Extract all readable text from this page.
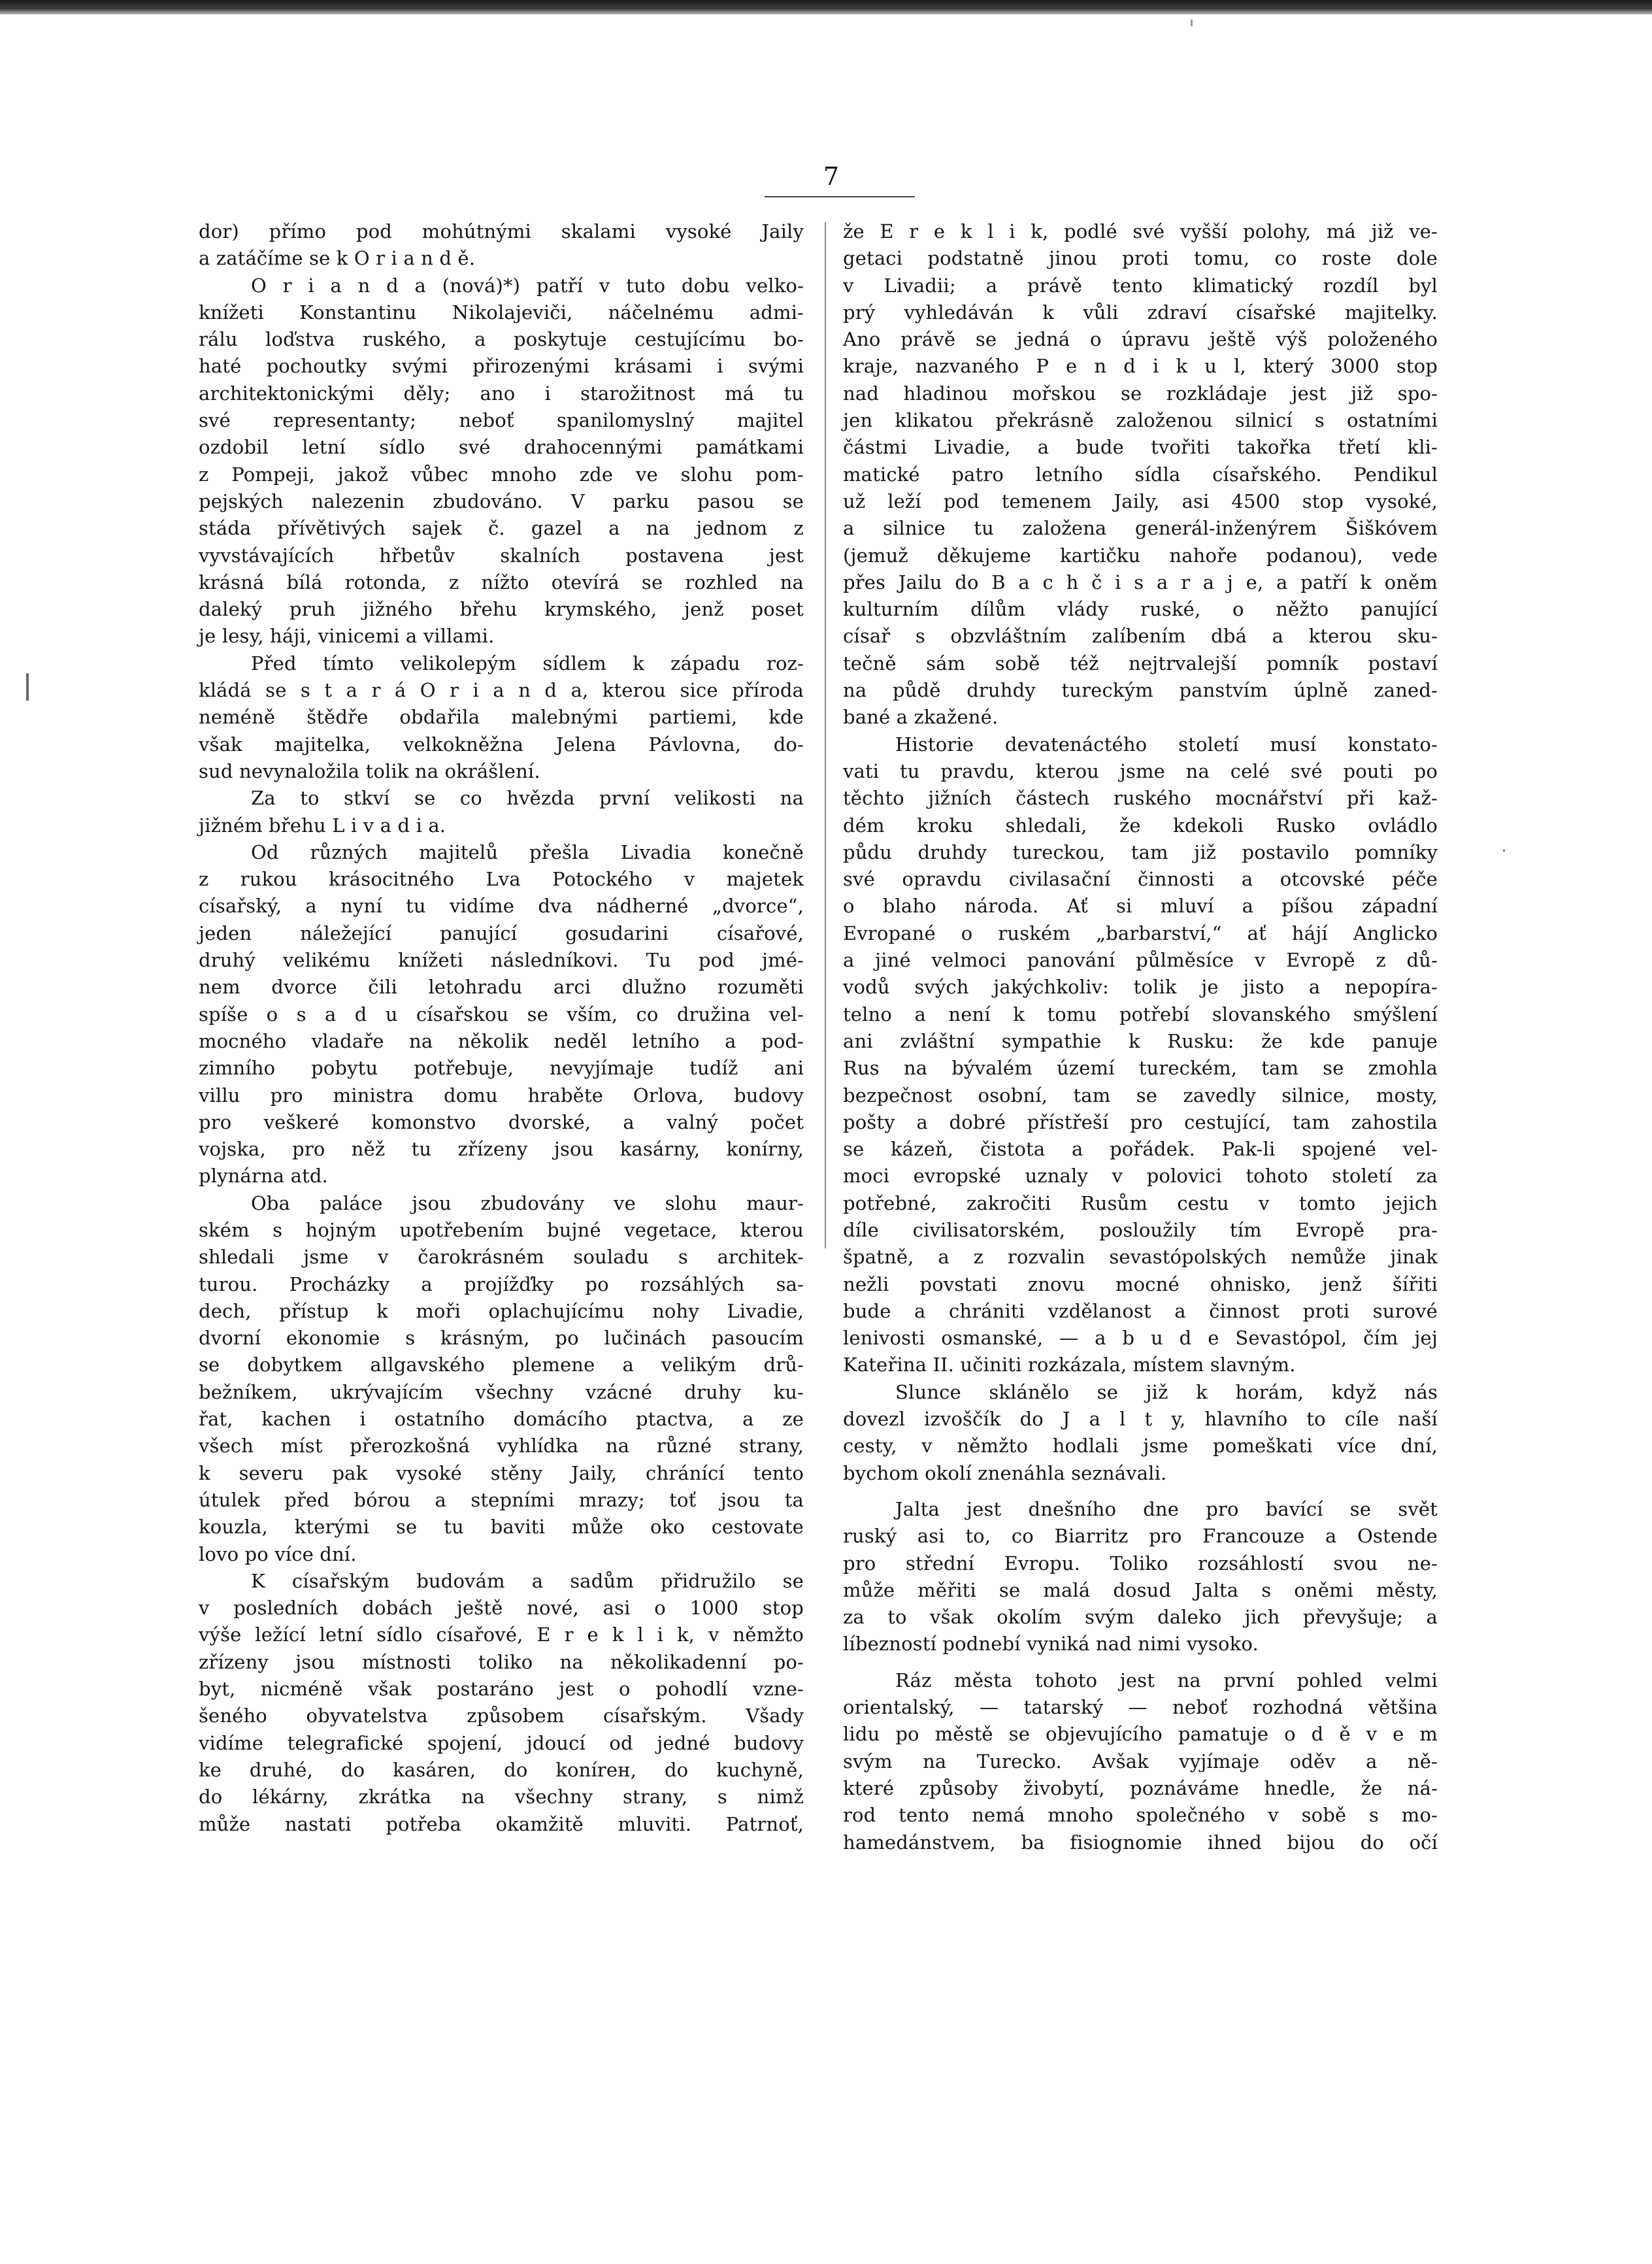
7
dor) přímo pod mohútnými skalami vysoké Jaily
a zatáčíme se k O r i a n d ě.
O r i a n d a (nová)*) patří v tuto dobu velko-
knížeti Konstantinu Nikolajeviči, náčelnému admi-
rálu loďstva ruského, a poskytuje cestujícímu bo-
haté pochoutky svými přirozenými krásami i svými
architektonickými děly; ano i starožitnost má tu
své representanty; neboť spanilomyslný majitel
ozdobil letní sídlo své drahocennými památkami
z Pompeji, jakož vůbec mnoho zde ve slohu pom-
pejských nalezenin zbudováno. V parku pasou se
stáda přívětivých sajek č. gazel a na jednom z
vyvstávajících hřbetův skalních postavena jest
krásná bílá rotonda, z nížto otevírá se rozhled na
daleký pruh jižného břehu krymského, jenž poset
je lesy, háji, vinicemi a villami.
Před tímto velikolepým sídlem k západu roz-
kládá se s t a r á O r i a n d a, kterou sice příroda
neméně štědře obdařila malebnými partiemi, kde
však majitelka, velkokněžna Jelena Pávlovna, do-
sud nevynaložila tolik na okrášlení.
Za to stkví se co hvězda první velikosti na
jižném břehu L i v a d i a.
Od různých majitelů přešla Livadia konečně
z rukou krásocitného Lva Potockého v majetek
císařský, a nyní tu vidíme dva nádherné „dvorce“,
jeden náležející panující gosudarini císařové,
druhý velikému knížeti následníkovi. Tu pod jmé-
nem dvorce čili letohradu arci dlužno rozuměti
spíše o s a d u císařskou se vším, co družina vel-
mocného vladaře na několik neděl letního a pod-
zimního pobytu potřebuje, nevyjímaje tudíž ani
villu pro ministra domu hraběte Orlova, budovy
pro veškeré komonstvo dvorské, a valný počet
vojska, pro něž tu zřízeny jsou kasárny, konírny,
plynárna atd.
Oba paláce jsou zbudovány ve slohu maur-
ském s hojným upotřebením bujné vegetace, kterou
shledali jsme v čarokrásném souladu s architek-
turou. Procházky a projížďky po rozsáhlých sa-
dech, přístup k moři oplachujícímu nohy Livadie,
dvorní ekonomie s krásným, po lučinách pasoucím
se dobytkem allgavského plemene a velikým drů-
bežníkem, ukrývajícím všechny vzácné druhy ku-
řat, kachen i ostatního domácího ptactva, a ze
všech míst přerozkošná vyhlídka na různé strany,
k severu pak vysoké stěny Jaily, chránící tento
útulek před bórou a stepními mrazy; toť jsou ta
kouzla, kterými se tu baviti může oko cestovate
lovo po více dní.
K císařským budovám a sadům přidružilo se
v posledních dobách ještě nové, asi o 1000 stop
výše ležící letní sídlo císařové, E r e k l i k, v němžto
zřízeny jsou místnosti toliko na několikadenní po-
byt, nicméně však postaráno jest o pohodlí vzne-
šeného obyvatelstva způsobem císařským. Všady
vidíme telegrafické spojení, jdoucí od jedné budovy
ke druhé, do kasáren, do konírен, do kuchyně,
do lékárny, zkrátka na všechny strany, s nimž
může nastati potřeba okamžitě mluviti. Patrnoť,
že E r e k l i k, podlé své vyšší polohy, má již ve-
getaci podstatně jinou proti tomu, co roste dole
v Livadii; a právě tento klimatický rozdíl byl
prý vyhledáván k vůli zdraví císařské majitelky.
Ano právě se jedná o úpravu ještě výš položeného
kraje, nazvaného P e n d i k u l, který 3000 stop
nad hladinou mořskou se rozkládaje jest již spo-
jen klikatou překrásně založenou silnicí s ostatními
částmi Livadie, a bude tvořiti takořka třetí kli-
matické patro letního sídla císařského. Pendikul
už leží pod temenem Jaily, asi 4500 stop vysoké,
a silnice tu založena generál-inženýrem Šiškóvem
(jemuž děkujeme kartičku nahoře podanou), vede
přes Jailu do B a c h č i s a r a j e, a patří k oněm
kulturním dílům vlády ruské, o něžto panující
císař s obzvláštním zalíbením dbá a kterou sku-
tečně sám sobě též nejtrvalejší pomník postaví
na půdě druhdy tureckým panstvím úplně zaned-
bané a zkažené.
Historie devatenáctého století musí konstato-
vati tu pravdu, kterou jsme na celé své pouti po
těchto jižních částech ruského mocnářství při kaž-
dém kroku shledali, že kdekoli Rusko ovládlo
půdu druhdy tureckou, tam již postavilo pomníky
své opravdu civilasační činnosti a otcovské péče
o blaho národa. Ať si mluví a píšou západní
Evropané o ruském „barbarství,“ ať hájí Anglicko
a jiné velmoci panování půlměsíce v Evropě z dů-
vodů svých jakýchkoliv: tolik je jisto a nepopíra-
telno a není k tomu potřebí slovanského smýšlení
ani zvláštní sympathie k Rusku: že kde panuje
Rus na bývalém území tureckém, tam se zmohla
bezpečnost osobní, tam se zavedly silnice, mosty,
pošty a dobré přístřeší pro cestující, tam zahostila
se kázeň, čistota a pořádek. Pak-li spojené vel-
moci evropské uznaly v polovici tohoto století za
potřebné, zakročiti Rusům cestu v tomto jejich
díle civilisatorském, posloužily tím Evropě pra-
špatně, a z rozvalin sevastópolských nemůže jinak
nežli povstati znovu mocné ohnisko, jenž šířiti
bude a chrániti vzdělanost a činnost proti surové
lenivosti osmanské, — a b u d e Sevastópol, čím jej
Kateřina II. učiniti rozkázala, místem slavným.
Slunce sklánělo se již k horám, když nás
dovezl izvoščík do J a l t y, hlavního to cíle naší
cesty, v němžto hodlali jsme pomeškati více dní,
bychom okolí znenáhla seznávali.
Jalta jest dnešního dne pro bavící se svět
ruský asi to, co Biarritz pro Francouze a Ostende
pro střední Evropu. Toliko rozsáhlostí svou ne-
může měřiti se malá dosud Jalta s oněmi městy,
za to však okolím svým daleko jich převyšuje; a
líbezností podnebí vyniká nad nimi vysoko.
Ráz města tohoto jest na první pohled velmi
orientalský, — tatarský — neboť rozhodná většina
lidu po městě se objevujícího pamatuje o d ě v e m
svým na Turecko. Avšak vyjímaje oděv a ně-
které způsoby živobytí, poznáváme hnedle, že ná-
rod tento nemá mnoho společného v sobě s mo-
hamedánstvem, ba fisiognomie ihned bijou do očí
